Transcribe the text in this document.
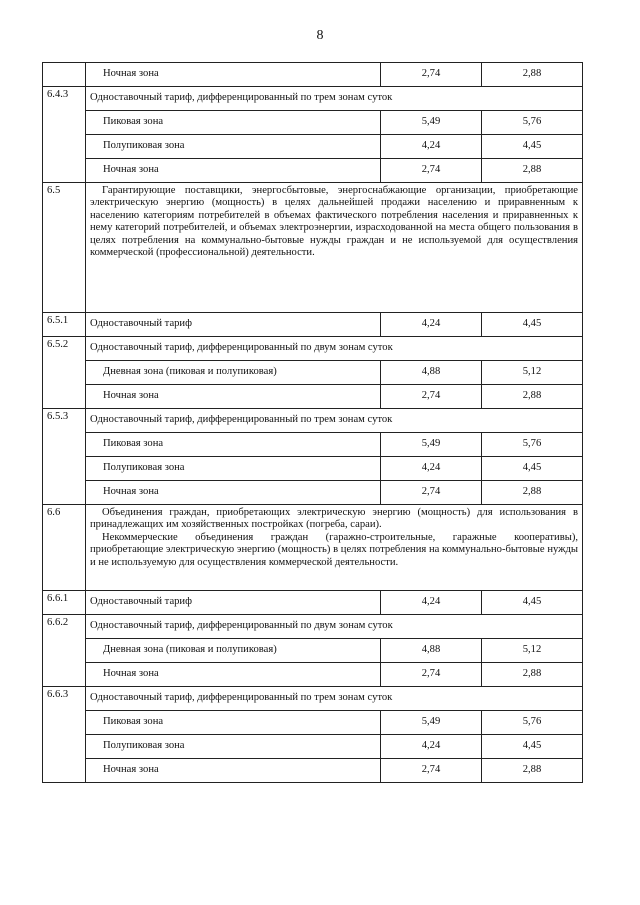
8
	Ночная зона	2,74	2,88
6.4.3	Одноставочный тариф, дифференцированный по трем зонам суток		
	Пиковая зона	5,49	5,76
	Полупиковая зона	4,24	4,45
	Ночная зона	2,74	2,88
6.5	Гарантирующие поставщики, энергосбытовые, энергоснабжающие организации, приобретающие электрическую энергию (мощность) в целях дальнейшей продажи населению и приравненным к населению категориям потребителей в объемах фактического потребления населения и приравненных к нему категорий потребителей, и объемах электроэнергии, израсходованной на места общего пользования в целях потребления на коммунально-бытовые нужды граждан и не используемой для осуществления коммерческой (профессиональной) деятельности.		

6.5.1	Одноставочный тариф	4,24	4,45
6.5.2	Одноставочный тариф, дифференцированный по двум зонам суток		
	Дневная зона (пиковая и полупиковая)	4,88	5,12
	Ночная зона	2,74	2,88
6.5.3	Одноставочный тариф, дифференцированный по трем зонам суток		
	Пиковая зона	5,49	5,76
	Полупиковая зона	4,24	4,45
	Ночная зона	2,74	2,88
6.6	Объединения граждан, приобретающих электрическую энергию (мощность) для использования в принадлежащих им хозяйственных постройках (погреба, сараи).

Некоммерческие объединения граждан (гаражно-строительные, гаражные кооперативы), приобретающие электрическую энергию (мощность) в целях потребления на коммунально-бытовые нужды и не используемую для осуществления коммерческой деятельности.		

6.6.1	Одноставочный тариф	4,24	4,45
6.6.2	Одноставочный тариф, дифференцированный по двум зонам суток		
	Дневная зона (пиковая и полупиковая)	4,88	5,12
	Ночная зона	2,74	2,88
6.6.3	Одноставочный тариф, дифференцированный по трем зонам суток		
	Пиковая зона	5,49	5,76
	Полупиковая зона	4,24	4,45
	Ночная зона	2,74	2,88
